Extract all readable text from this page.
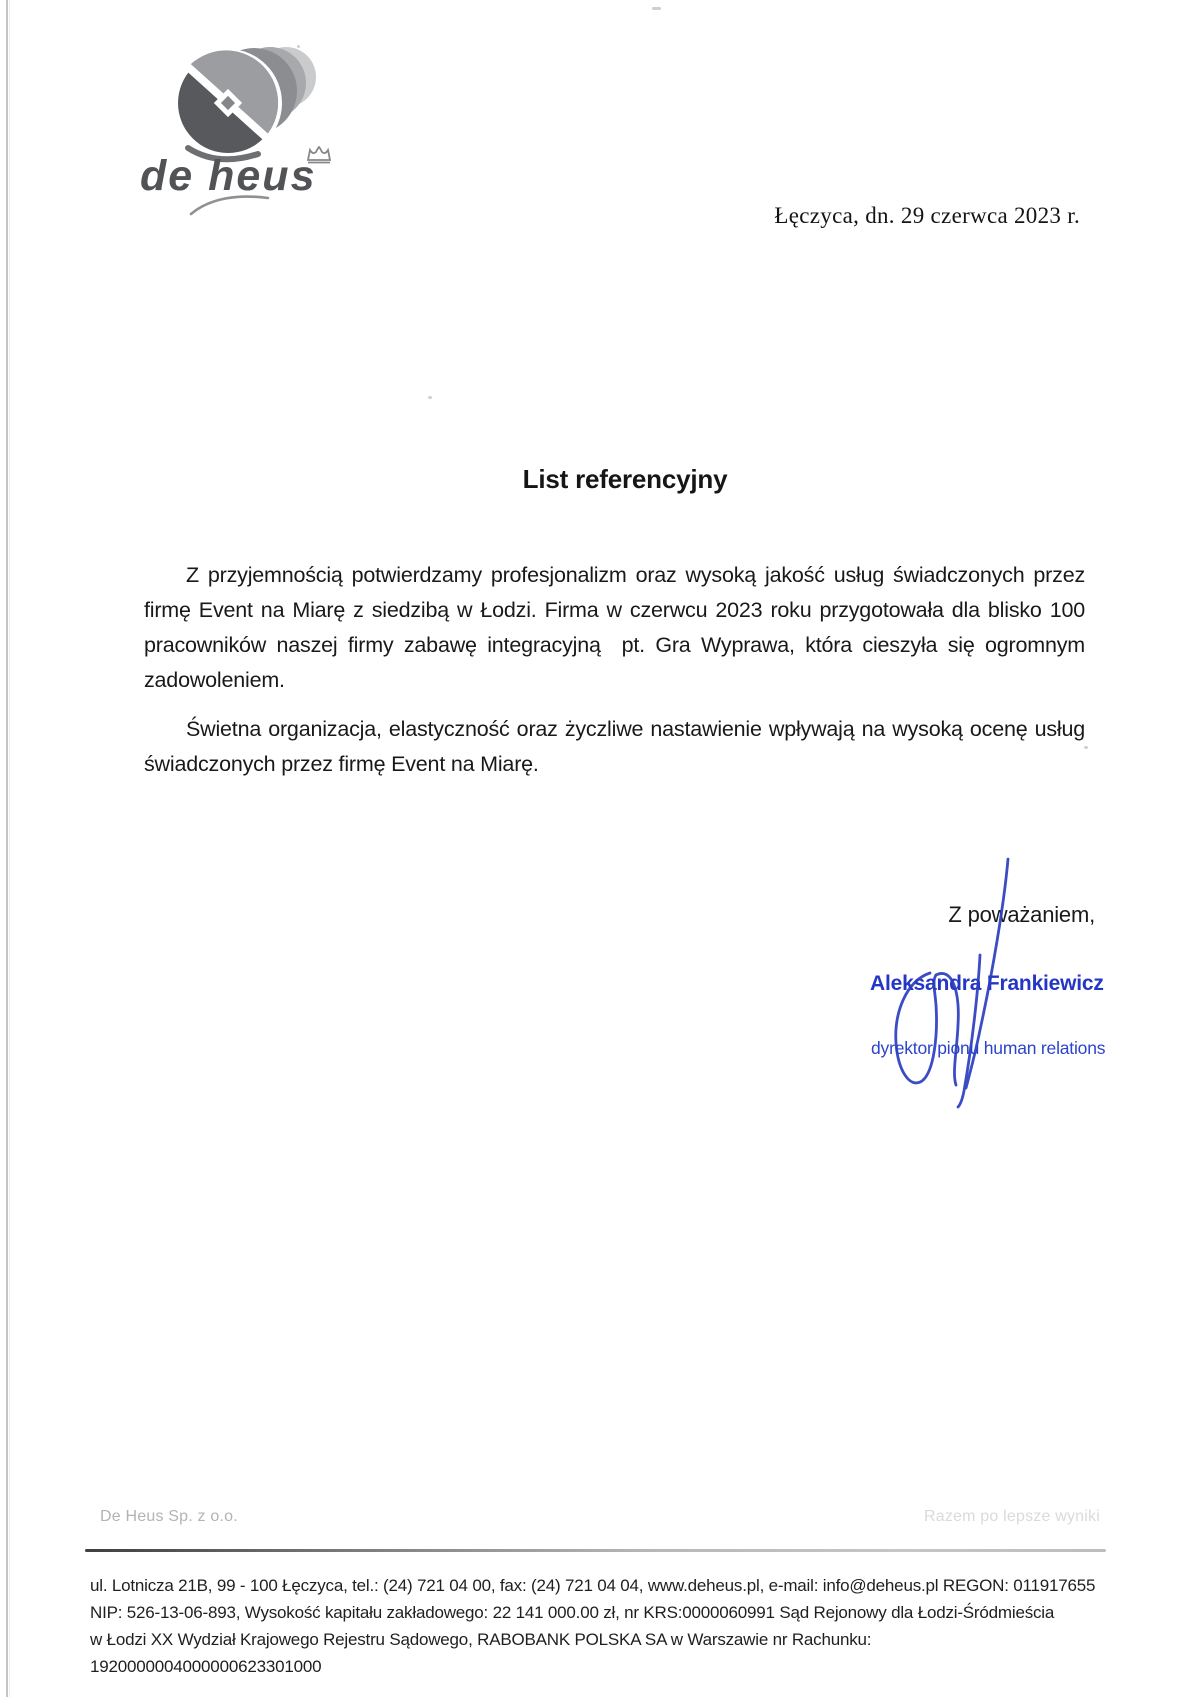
de heus
Łęczyca, dn. 29 czerwca 2023 r.
List referencyjny

Z przyjemnością potwierdzamy profesjonalizm oraz wysoką jakość usług świadczonych przez firmę Event na Miarę z siedzibą w Łodzi. Firma w czerwcu 2023 roku przygotowała dla blisko 100 pracowników naszej firmy zabawę integracyjną  pt. Gra Wyprawa, która cieszyła się ogromnym zadowoleniem.

Świetna organizacja, elastyczność oraz życzliwe nastawienie wpływają na wysoką ocenę usług świadczonych przez firmę Event na Miarę.

Z poważaniem,
Aleksandra Frankiewicz
dyrektor pionu human relations
De Heus Sp. z o.o.	Razem po lepsze wyniki
ul. Lotnicza 21B, 99 - 100 Łęczyca, tel.: (24) 721 04 00, fax: (24) 721 04 04, www.deheus.pl, e-mail: info@deheus.pl REGON: 011917655
NIP: 526-13-06-893, Wysokość kapitału zakładowego: 22 141 000.00 zł, nr KRS:0000060991 Sąd Rejonowy dla Łodzi-Śródmieścia
w Łodzi XX Wydział Krajowego Rejestru Sądowego, RABOBANK POLSKA SA w Warszawie nr Rachunku: 1920000004000000623301000
